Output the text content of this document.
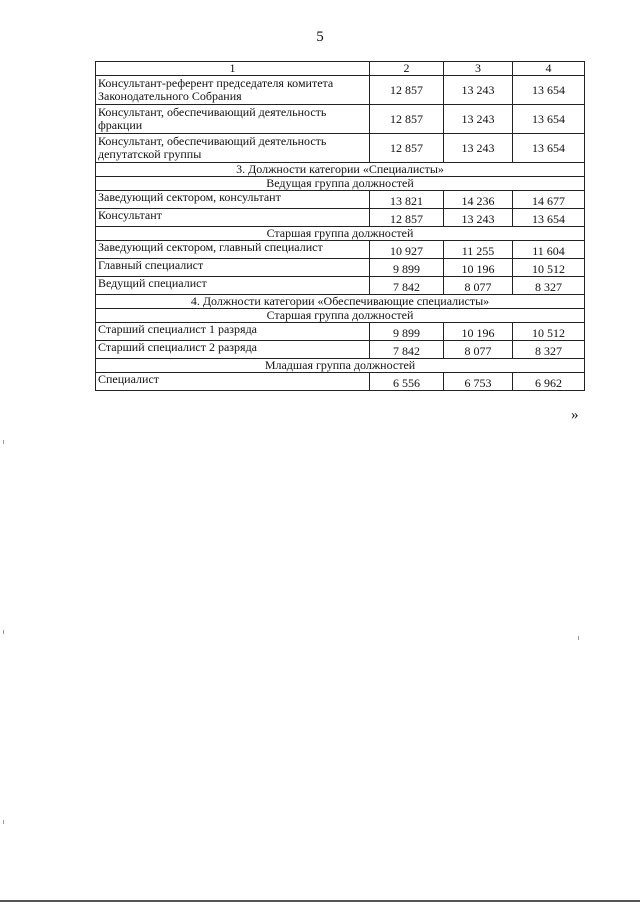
5
1	2	3	4
Консультант-референт председателя комитета Законодательного Собрания	12 857	13 243	13 654
Консультант, обеспечивающий деятельность фракции	12 857	13 243	13 654
Консультант, обеспечивающий деятельность депутатской группы	12 857	13 243	13 654
3. Должности категории «Специалисты»			
Ведущая группа должностей			
Заведующий сектором, консультант	13 821	14 236	14 677
Консультант	12 857	13 243	13 654
Старшая группа должностей			
Заведующий сектором, главный специалист	10 927	11 255	11 604
Главный специалист	9 899	10 196	10 512
Ведущий специалист	7 842	8 077	8 327
4. Должности категории «Обеспечивающие специалисты»			
Старшая группа должностей			
Старший специалист 1 разряда	9 899	10 196	10 512
Старший специалист 2 разряда	7 842	8 077	8 327
Младшая группа должностей			
Специалист	6 556	6 753	6 962
»
